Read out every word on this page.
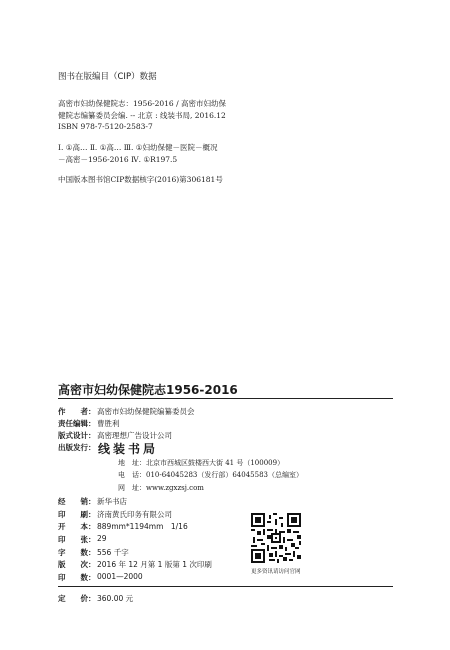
图书在版编目（CIP）数据
高密市妇幼保健院志：1956-2016 / 高密市妇幼保
健院志编纂委员会编. -- 北京 : 线装书局, 2016.12
ISBN 978-7-5120-2583-7
Ⅰ. ①高… Ⅱ. ①高… Ⅲ. ①妇幼保健－医院－概况
－高密－1956-2016 Ⅳ. ①R197.5
中国版本图书馆CIP数据核字(2016)第306181号
高密市妇幼保健院志1956-2016
作　　者： 高密市妇幼保健院编纂委员会
责任编辑： 曹胜利
版式设计： 高密理想广告设计公司
出版发行： 线装书局
地　址：北京市西城区鼓楼西大街 41 号（100009）
电　话：010-64045283（发行部）64045583（总编室）
网　址：www.zgxzsj.com
经　　销： 新华书店
印　　刷： 济南黄氏印务有限公司
开　　本： 889mm*1194mm　1/16
印　　张： 29
字　　数： 556 千字
版　　次： 2016 年 12 月第 1 版第 1 次印刷
印　　数： 0001—2000
定　　价： 360.00 元
更多资讯请访问官网
